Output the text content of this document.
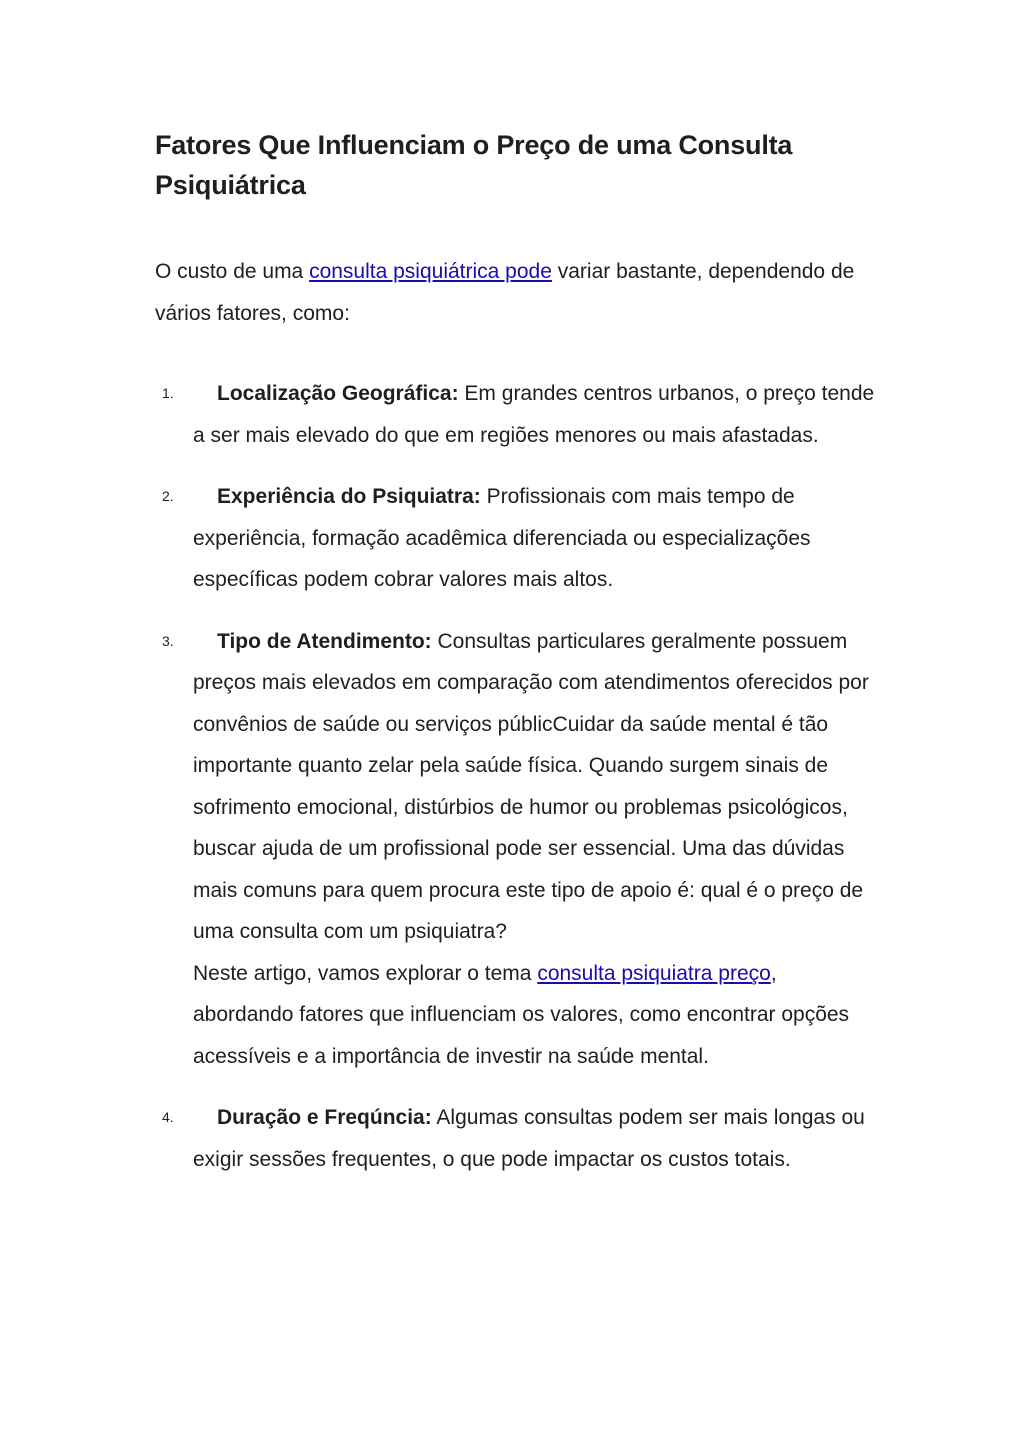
Fatores Que Influenciam o Preço de uma Consulta Psiquiátrica

O custo de uma consulta psiquiátrica pode variar bastante, dependendo de vários fatores, como:

1.	Localização Geográfica: Em grandes centros urbanos, o preço tende a ser mais elevado do que em regiões menores ou mais afastadas.
2.	Experiência do Psiquiatra: Profissionais com mais tempo de experiência, formação acadêmica diferenciada ou especializações específicas podem cobrar valores mais altos.
3.	Tipo de Atendimento: Consultas particulares geralmente possuem preços mais elevados em comparação com atendimentos oferecidos por convênios de saúde ou serviços públicCuidar da saúde mental é tão importante quanto zelar pela saúde física. Quando surgem sinais de sofrimento emocional, distúrbios de humor ou problemas psicológicos, buscar ajuda de um profissional pode ser essencial. Uma das dúvidas mais comuns para quem procura este tipo de apoio é: qual é o preço de uma consulta com um psiquiatra?
Neste artigo, vamos explorar o tema consulta psiquiatra preço, abordando fatores que influenciam os valores, como encontrar opções acessíveis e a importância de investir na saúde mental.
4.	Duração e Freqúncia: Algumas consultas podem ser mais longas ou exigir sessões frequentes, o que pode impactar os custos totais.
